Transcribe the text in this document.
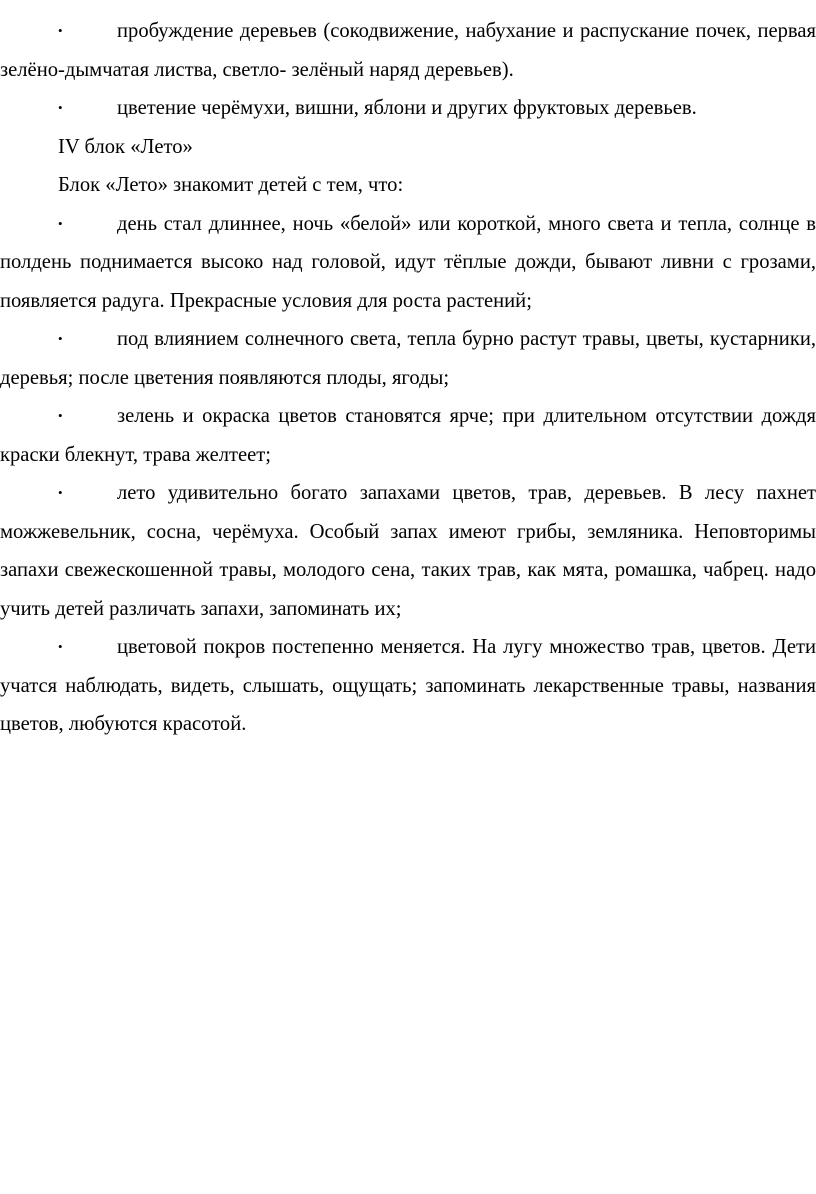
•	пробуждение деревьев (сокодвижение, набухание и распускание почек, первая зелёно-дымчатая листва, светло- зелёный наряд деревьев).

•	цветение черёмухи, вишни, яблони и других фруктовых деревьев.

IV блок «Лето»

Блок «Лето» знакомит детей с тем, что:

•	день стал длиннее, ночь «белой» или короткой, много света и тепла, солнце в полдень поднимается высоко над головой, идут тёплые дожди, бывают ливни с грозами, появляется радуга. Прекрасные условия для роста растений;

•	под влиянием солнечного света, тепла бурно растут травы, цветы, кустарники, деревья; после цветения появляются плоды, ягоды;

•	зелень и окраска цветов становятся ярче; при длительном отсутствии дождя краски блекнут, трава желтеет;

•	лето удивительно богато запахами цветов, трав, деревьев. В лесу пахнет можжевельник, сосна, черёмуха. Особый запах имеют грибы, земляника. Неповторимы запахи свежескошенной травы, молодого сена, таких трав, как мята, ромашка, чабрец. надо учить детей различать запахи, запоминать их;

•	цветовой покров постепенно меняется. На лугу множество трав, цветов. Дети учатся наблюдать, видеть, слышать, ощущать; запоминать лекарственные травы, названия цветов, любуются красотой.
